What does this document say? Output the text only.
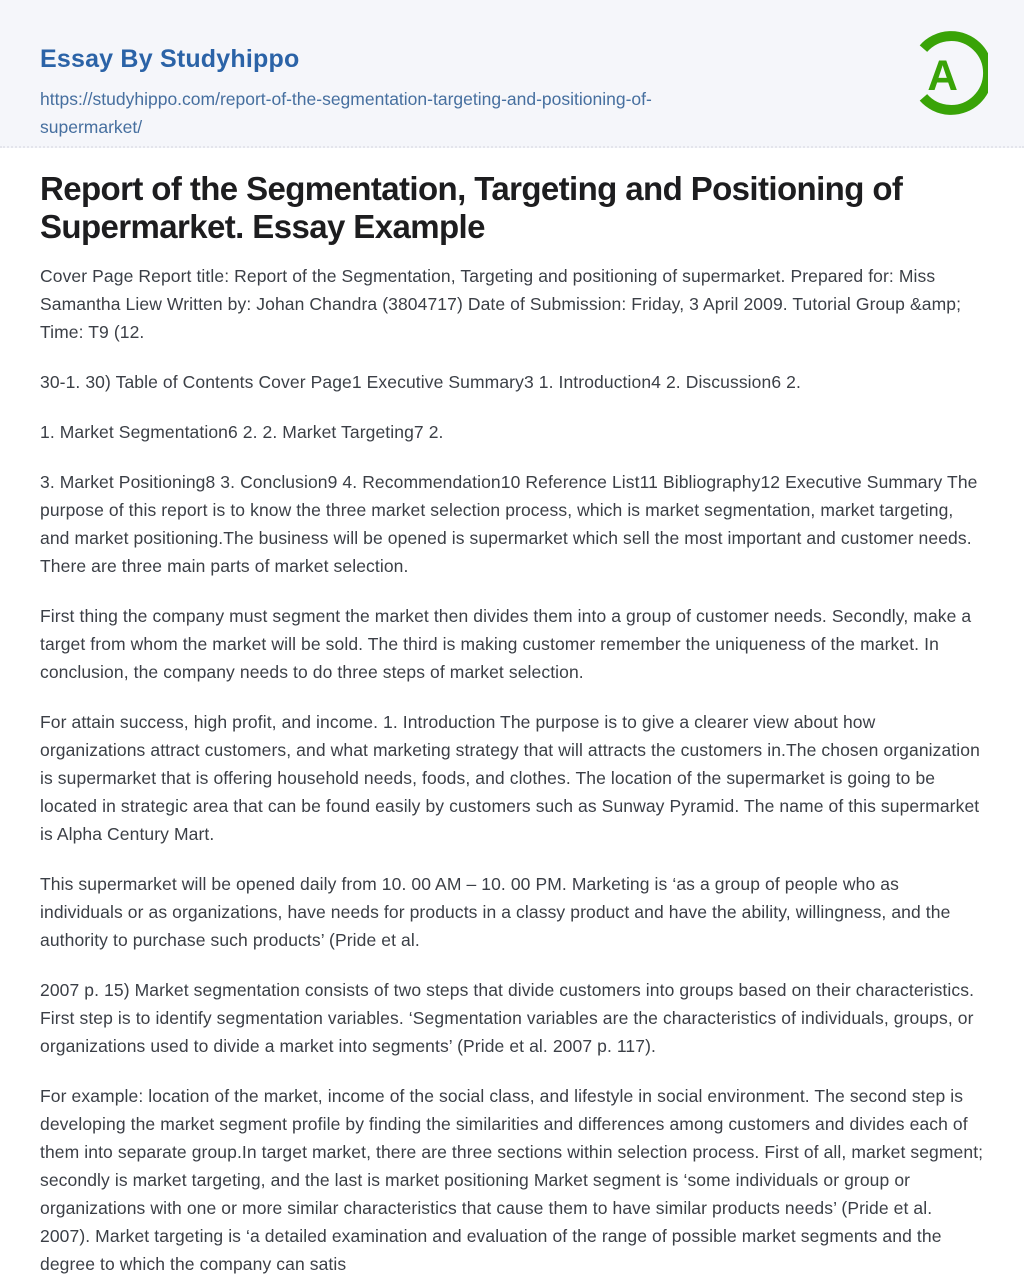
Essay By Studyhippo
https://studyhippo.com/report-of-the-segmentation-targeting-and-positioning-of-supermarket/
A
Report of the Segmentation, Targeting and Positioning of Supermarket. Essay Example

Cover Page Report title: Report of the Segmentation, Targeting and positioning of supermarket. Prepared for: Miss Samantha Liew Written by: Johan Chandra (3804717) Date of Submission: Friday, 3 April 2009. Tutorial Group &amp; Time: T9 (12.

30-1. 30) Table of Contents Cover Page1 Executive Summary3 1. Introduction4 2. Discussion6 2.

1. Market Segmentation6 2. 2. Market Targeting7 2.

3. Market Positioning8 3. Conclusion9 4. Recommendation10 Reference List11 Bibliography12 Executive Summary The purpose of this report is to know the three market selection process, which is market segmentation, market targeting, and market positioning.The business will be opened is supermarket which sell the most important and customer needs. There are three main parts of market selection.

First thing the company must segment the market then divides them into a group of customer needs. Secondly, make a target from whom the market will be sold. The third is making customer remember the uniqueness of the market. In conclusion, the company needs to do three steps of market selection.

For attain success, high profit, and income. 1. Introduction The purpose is to give a clearer view about how organizations attract customers, and what marketing strategy that will attracts the customers in.The chosen organization is supermarket that is offering household needs, foods, and clothes. The location of the supermarket is going to be located in strategic area that can be found easily by customers such as Sunway Pyramid. The name of this supermarket is Alpha Century Mart.

This supermarket will be opened daily from 10. 00 AM – 10. 00 PM. Marketing is ‘as a group of people who as individuals or as organizations, have needs for products in a classy product and have the ability, willingness, and the authority to purchase such products’ (Pride et al.

2007 p. 15) Market segmentation consists of two steps that divide customers into groups based on their characteristics. First step is to identify segmentation variables. ‘Segmentation variables are the characteristics of individuals, groups, or organizations used to divide a market into segments’ (Pride et al. 2007 p. 117).

For example: location of the market, income of the social class, and lifestyle in social environment. The second step is developing the market segment profile by finding the similarities and differences among customers and divides each of them into separate group.In target market, there are three sections within selection process. First of all, market segment; secondly is market targeting, and the last is market positioning Market segment is ‘some individuals or group or organizations with one or more similar characteristics that cause them to have similar products needs’ (Pride et al. 2007). Market targeting is ‘a detailed examination and evaluation of the range of possible market segments and the degree to which the company can satis
